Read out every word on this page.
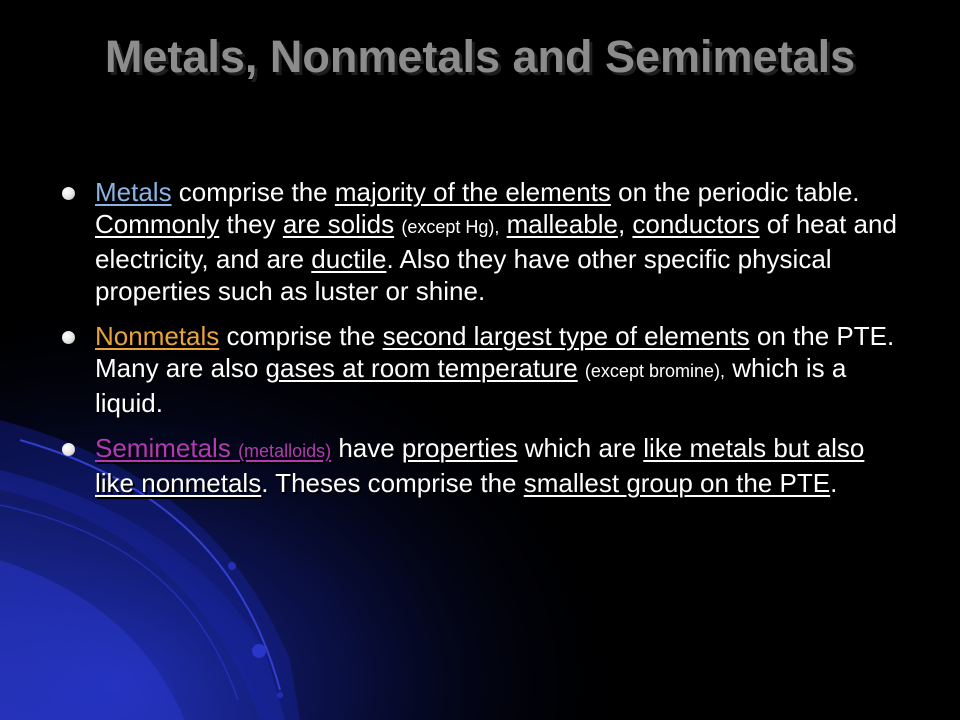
Metals, Nonmetals and Semimetals
Metals comprise the majority of the elements on the periodic table. Commonly they are solids (except Hg), malleable, conductors of heat and electricity, and are ductile. Also they have other specific physical properties such as luster or shine.
Nonmetals comprise the second largest type of elements on the PTE. Many are also gases at room temperature (except bromine), which is a liquid.
Semimetals (metalloids) have properties which are like metals but also like nonmetals. Theses comprise the smallest group on the PTE.
